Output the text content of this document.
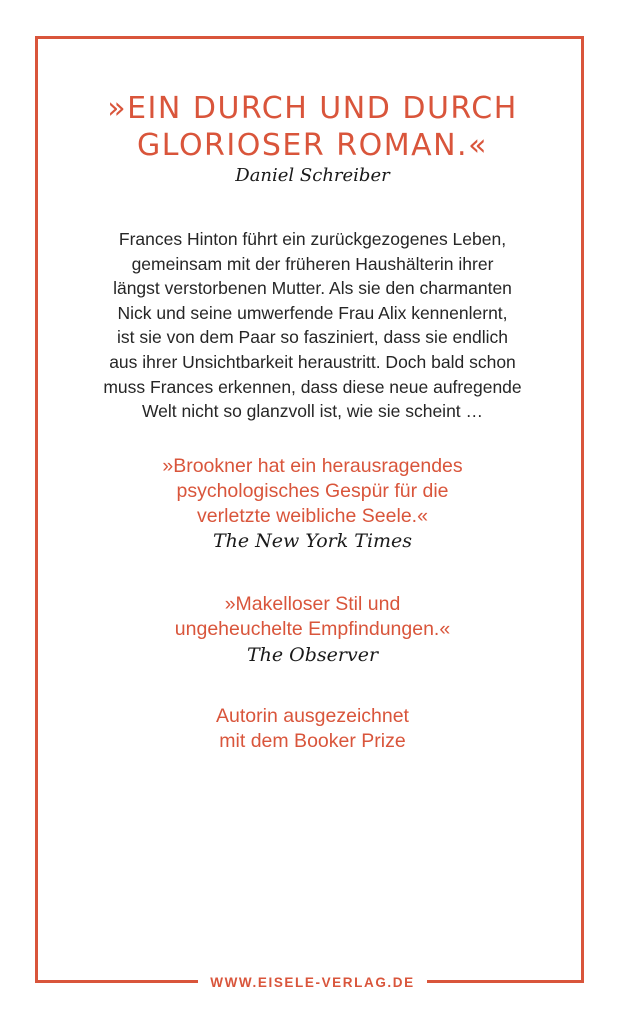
»EIN DURCH UND DURCH
GLORIOSER ROMAN.«
Daniel Schreiber
Frances Hinton führt ein zurückgezogenes Leben,
gemeinsam mit der früheren Haushälterin ihrer
längst verstorbenen Mutter. Als sie den charmanten
Nick und seine umwerfende Frau Alix kennenlernt,
ist sie von dem Paar so fasziniert, dass sie endlich
aus ihrer Unsichtbarkeit heraustritt. Doch bald schon
muss Frances erkennen, dass diese neue aufregende
Welt nicht so glanzvoll ist, wie sie scheint …
»Brookner hat ein herausragendes
psychologisches Gespür für die
verletzte weibliche Seele.«
The New York Times
»Makelloser Stil und
ungeheuchelte Empfindungen.«
The Observer
Autorin ausgezeichnet
mit dem Booker Prize
WWW.EISELE-VERLAG.DE
